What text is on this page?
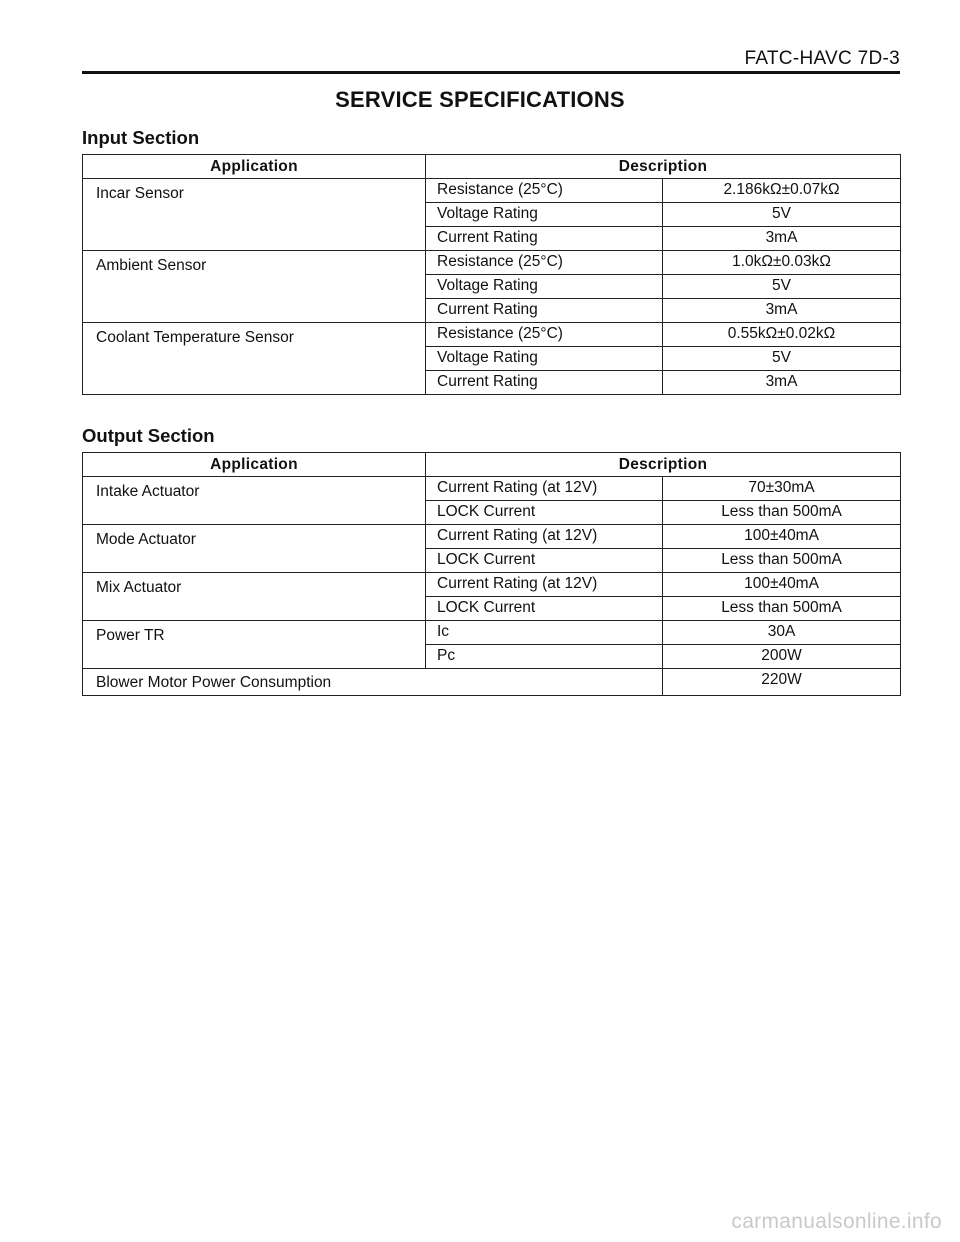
FATC-HAVC 7D-3
SERVICE SPECIFICATIONS
Input Section
Application	Description	
Incar Sensor	Resistance (25°C)	2.186kΩ±0.07kΩ
	Voltage Rating	5V
	Current Rating	3mA
Ambient Sensor	Resistance (25°C)	1.0kΩ±0.03kΩ
	Voltage Rating	5V
	Current Rating	3mA
Coolant Temperature Sensor	Resistance (25°C)	0.55kΩ±0.02kΩ
	Voltage Rating	5V
	Current Rating	3mA
Output Section
Application	Description	
Intake Actuator	Current Rating (at 12V)	70±30mA
	LOCK Current	Less than 500mA
Mode Actuator	Current Rating (at 12V)	100±40mA
	LOCK Current	Less than 500mA
Mix Actuator	Current Rating (at 12V)	100±40mA
	LOCK Current	Less than 500mA
Power TR	Ic	30A
	Pc	200W
Blower Motor Power Consumption		220W
carmanualsonline.info
